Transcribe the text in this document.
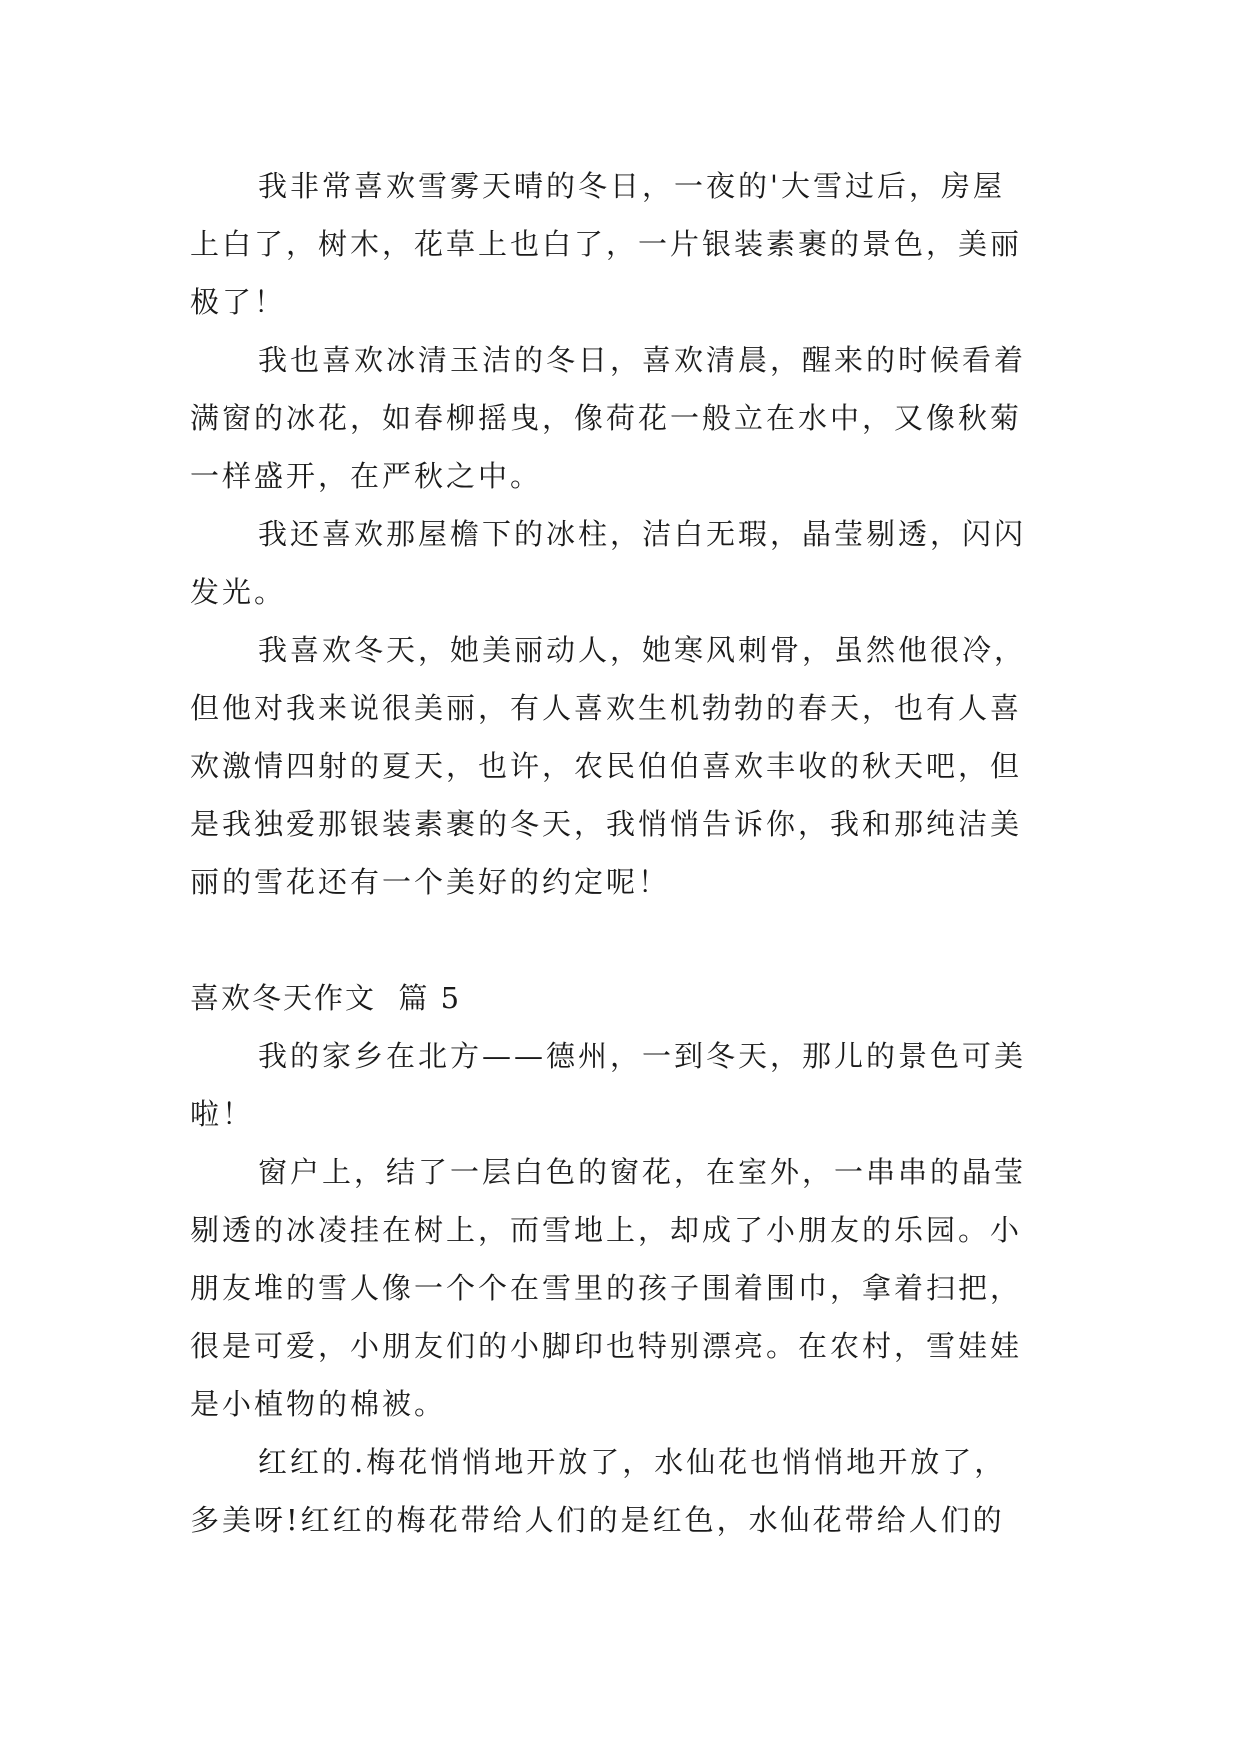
我非常喜欢雪雾天晴的冬日，一夜的'大雪过后，房屋
上白了，树木，花草上也白了，一片银装素裹的景色，美丽
极了！
我也喜欢冰清玉洁的冬日，喜欢清晨，醒来的时候看着
满窗的冰花，如春柳摇曳，像荷花一般立在水中，又像秋菊
一样盛开，在严秋之中。
我还喜欢那屋檐下的冰柱，洁白无瑕，晶莹剔透，闪闪
发光。
我喜欢冬天，她美丽动人，她寒风刺骨，虽然他很冷，
但他对我来说很美丽，有人喜欢生机勃勃的春天，也有人喜
欢激情四射的夏天，也许，农民伯伯喜欢丰收的秋天吧，但
是我独爱那银装素裹的冬天，我悄悄告诉你，我和那纯洁美
丽的雪花还有一个美好的约定呢！
喜欢冬天作文  篇 5
我的家乡在北方——德州，一到冬天，那儿的景色可美
啦！
窗户上，结了一层白色的窗花，在室外，一串串的晶莹
剔透的冰凌挂在树上，而雪地上，却成了小朋友的乐园。小
朋友堆的雪人像一个个在雪里的孩子围着围巾，拿着扫把，
很是可爱，小朋友们的小脚印也特别漂亮。在农村，雪娃娃
是小植物的棉被。
红红的.梅花悄悄地开放了，水仙花也悄悄地开放了，
多美呀!红红的梅花带给人们的是红色，水仙花带给人们的
